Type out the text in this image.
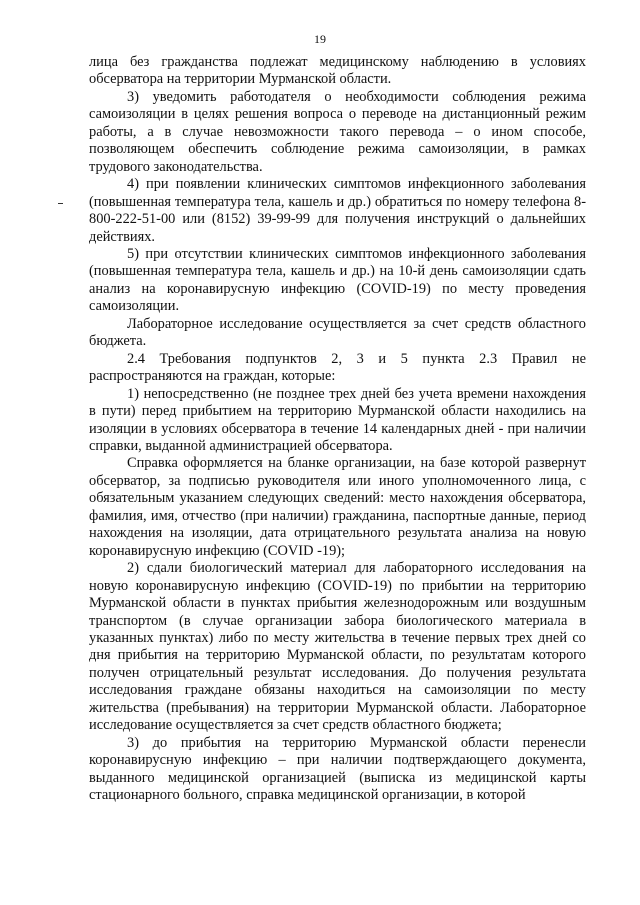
19

лица без гражданства подлежат медицинскому наблюдению в условиях обсерватора на территории Мурманской области.

3) уведомить работодателя о необходимости соблюдения режима самоизоляции в целях решения вопроса о переводе на дистанционный режим работы, а в случае невозможности такого перевода – о ином способе, позволяющем обеспечить соблюдение режима самоизоляции, в рамках трудового законодательства.

4) при появлении клинических симптомов инфекционного заболевания (повышенная температура тела, кашель и др.) обратиться по номеру телефона 8-800-222-51-00 или (8152) 39-99-99 для получения инструкций о дальнейших действиях.

5) при отсутствии клинических симптомов инфекционного заболевания (повышенная температура тела, кашель и др.) на 10-й день самоизоляции сдать анализ на коронавирусную инфекцию (COVID-19) по месту проведения самоизоляции.

Лабораторное исследование осуществляется за счет средств областного бюджета.

2.4 Требования подпунктов 2, 3 и 5 пункта 2.3 Правил не распространяются на граждан, которые:

1) непосредственно (не позднее трех дней без учета времени нахождения в пути) перед прибытием на территорию Мурманской области находились на изоляции в условиях обсерватора в течение 14 календарных дней - при наличии справки, выданной администрацией обсерватора.

Справка оформляется на бланке организации, на базе которой развернут обсерватор, за подписью руководителя или иного уполномоченного лица, с обязательным указанием следующих сведений: место нахождения обсерватора, фамилия, имя, отчество (при наличии) гражданина, паспортные данные, период нахождения на изоляции, дата отрицательного результата анализа на новую коронавирусную инфекцию (COVID -19);

2) сдали биологический материал для лабораторного исследования на новую коронавирусную инфекцию (COVID-19) по прибытии на территорию Мурманской области в пунктах прибытия железнодорожным или воздушным транспортом (в случае организации забора биологического материала в указанных пунктах) либо по месту жительства в течение первых трех дней со дня прибытия на территорию Мурманской области, по результатам которого получен отрицательный результат исследования. До получения результата исследования граждане обязаны находиться на самоизоляции по месту жительства (пребывания) на территории Мурманской области. Лабораторное исследование осуществляется за счет средств областного бюджета;

3) до прибытия на территорию Мурманской области перенесли коронавирусную инфекцию – при наличии подтверждающего документа, выданного медицинской организацией (выписка из медицинской карты стационарного больного, справка медицинской организации, в которой
